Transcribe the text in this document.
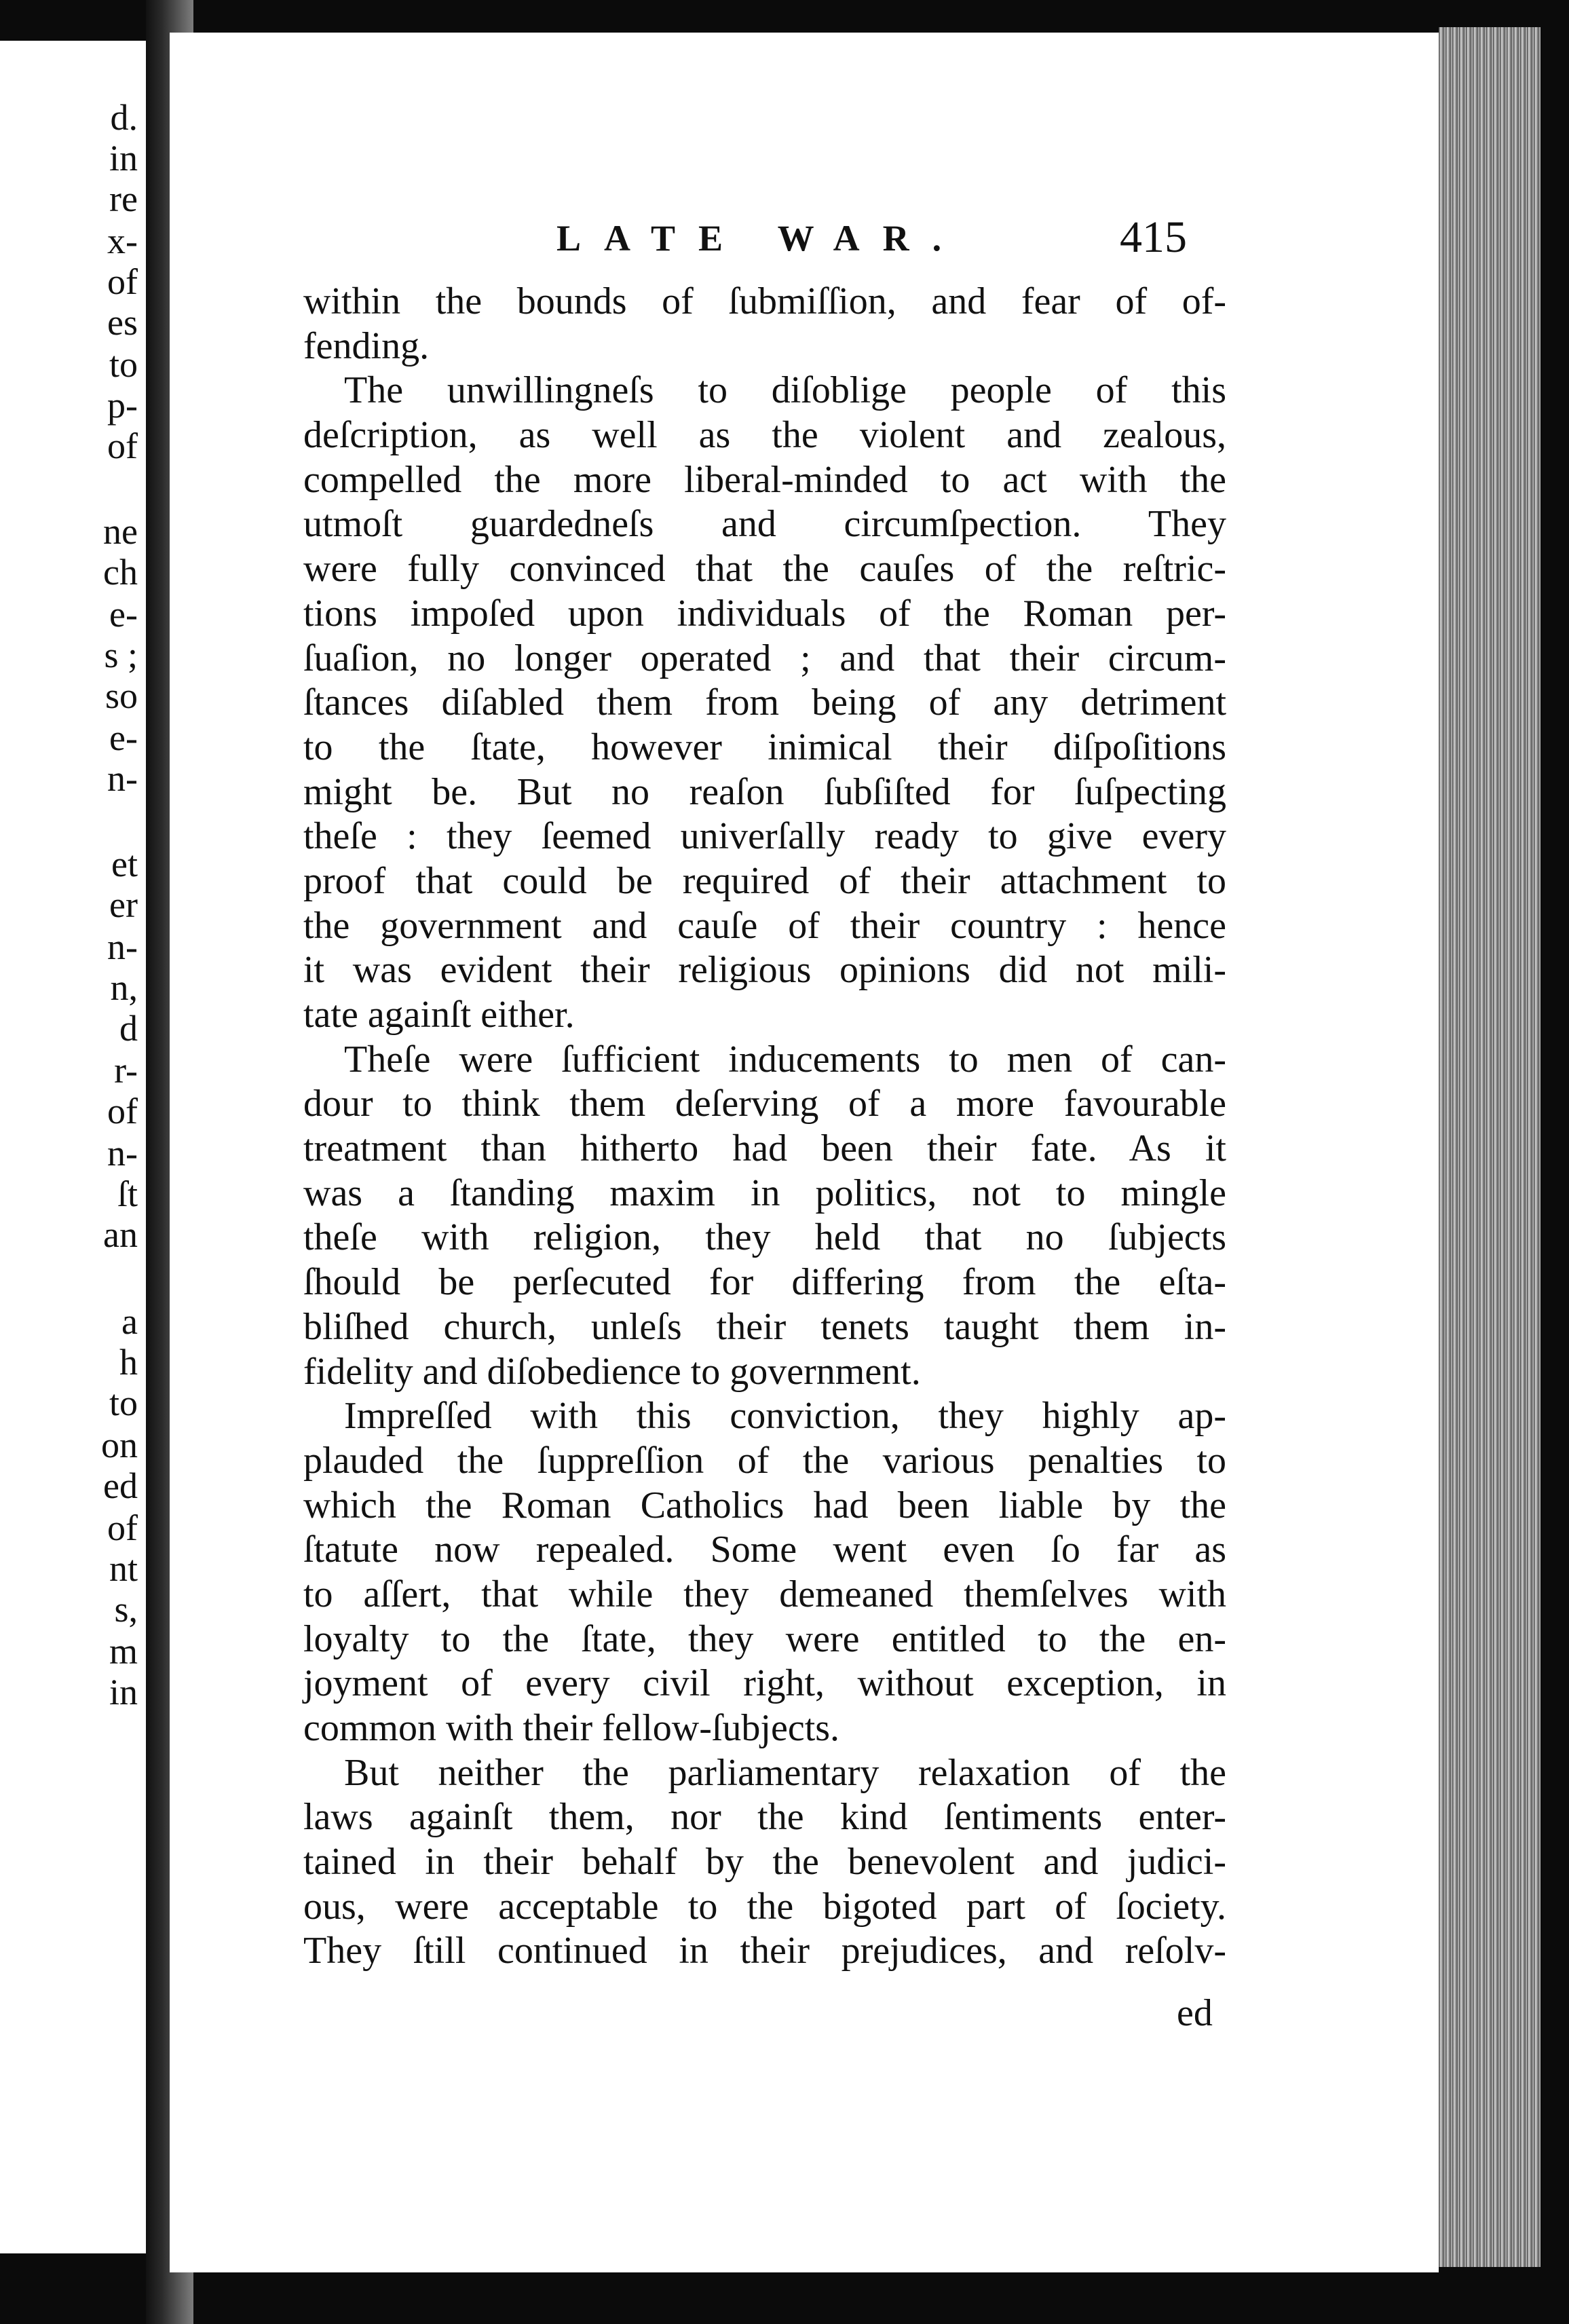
d.
in
re
x-
of
es
to
p-
of
ne
ch
e-
s ;
so
e-
n-
et
er
n-
n,
d
r-
of
n-
ſt
an
a
h
to
on
ed
of
nt
s,
m
in
LATE WAR.	415
within the bounds of ſubmiſſion, and fear of of-
fending.
The unwillingneſs to diſoblige people of this
deſcription, as well as the violent and zealous,
compelled the more liberal-minded to act with the
utmoſt guardedneſs and circumſpection. They
were fully convinced that the cauſes of the reſtric-
tions impoſed upon individuals of the Roman per-
ſuaſion, no longer operated ; and that their circum-
ſtances diſabled them from being of any detriment
to the ſtate, however inimical their diſpoſitions
might be. But no reaſon ſubſiſted for ſuſpecting
theſe : they ſeemed univerſally ready to give every
proof that could be required of their attachment to
the government and cauſe of their country : hence
it was evident their religious opinions did not mili-
tate againſt either.
Theſe were ſufficient inducements to men of can-
dour to think them deſerving of a more favourable
treatment than hitherto had been their fate. As it
was a ſtanding maxim in politics, not to mingle
theſe with religion, they held that no ſubjects
ſhould be perſecuted for differing from the eſta-
bliſhed church, unleſs their tenets taught them in-
fidelity and diſobedience to government.
Impreſſed with this conviction, they highly ap-
plauded the ſuppreſſion of the various penalties to
which the Roman Catholics had been liable by the
ſtatute now repealed. Some went even ſo far as
to aſſert, that while they demeaned themſelves with
loyalty to the ſtate, they were entitled to the en-
joyment of every civil right, without exception, in
common with their fellow-ſubjects.
But neither the parliamentary relaxation of the
laws againſt them, nor the kind ſentiments enter-
tained in their behalf by the benevolent and judici-
ous, were acceptable to the bigoted part of ſociety.
They ſtill continued in their prejudices, and reſolv-
ed
